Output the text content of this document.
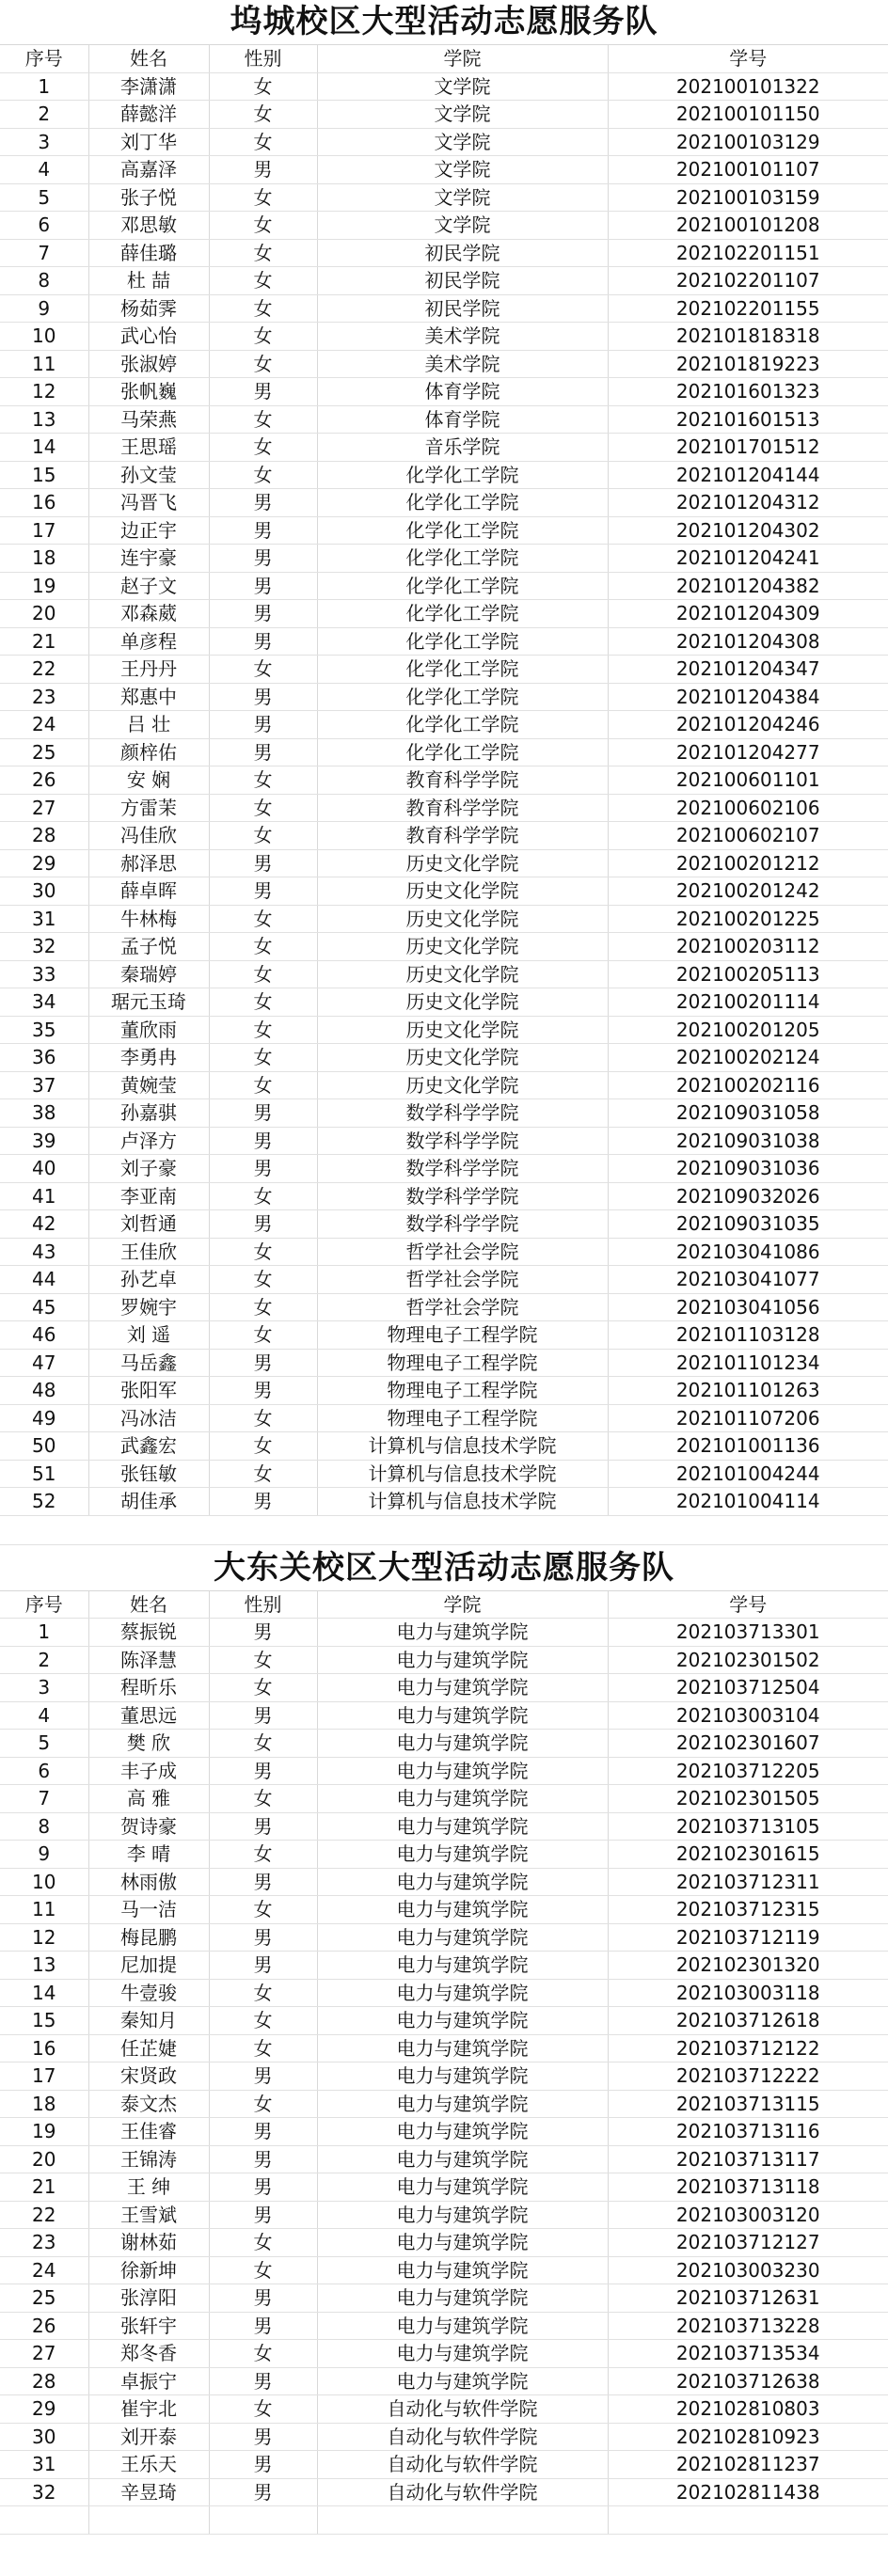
坞城校区大型活动志愿服务队
序号	姓名	性别	学院	学号
1	李潇潇	女	文学院	202100101322
2	薛懿洋	女	文学院	202100101150
3	刘丁华	女	文学院	202100103129
4	高嘉泽	男	文学院	202100101107
5	张子悦	女	文学院	202100103159
6	邓思敏	女	文学院	202100101208
7	薛佳璐	女	初民学院	202102201151
8	杜 喆	女	初民学院	202102201107
9	杨茹霁	女	初民学院	202102201155
10	武心怡	女	美术学院	202101818318
11	张淑婷	女	美术学院	202101819223
12	张帆巍	男	体育学院	202101601323
13	马荣燕	女	体育学院	202101601513
14	王思瑶	女	音乐学院	202101701512
15	孙文莹	女	化学化工学院	202101204144
16	冯晋飞	男	化学化工学院	202101204312
17	边正宇	男	化学化工学院	202101204302
18	连宇豪	男	化学化工学院	202101204241
19	赵子文	男	化学化工学院	202101204382
20	邓森葳	男	化学化工学院	202101204309
21	单彦程	男	化学化工学院	202101204308
22	王丹丹	女	化学化工学院	202101204347
23	郑惠中	男	化学化工学院	202101204384
24	吕 壮	男	化学化工学院	202101204246
25	颜梓佑	男	化学化工学院	202101204277
26	安 娴	女	教育科学学院	202100601101
27	方雷茉	女	教育科学学院	202100602106
28	冯佳欣	女	教育科学学院	202100602107
29	郝泽思	男	历史文化学院	202100201212
30	薛卓晖	男	历史文化学院	202100201242
31	牛林梅	女	历史文化学院	202100201225
32	孟子悦	女	历史文化学院	202100203112
33	秦瑞婷	女	历史文化学院	202100205113
34	琚元玉琦	女	历史文化学院	202100201114
35	董欣雨	女	历史文化学院	202100201205
36	李勇冉	女	历史文化学院	202100202124
37	黄婉莹	女	历史文化学院	202100202116
38	孙嘉骐	男	数学科学学院	202109031058
39	卢泽方	男	数学科学学院	202109031038
40	刘子豪	男	数学科学学院	202109031036
41	李亚南	女	数学科学学院	202109032026
42	刘哲通	男	数学科学学院	202109031035
43	王佳欣	女	哲学社会学院	202103041086
44	孙艺卓	女	哲学社会学院	202103041077
45	罗婉宇	女	哲学社会学院	202103041056
46	刘 遥	女	物理电子工程学院	202101103128
47	马岳鑫	男	物理电子工程学院	202101101234
48	张阳军	男	物理电子工程学院	202101101263
49	冯冰洁	女	物理电子工程学院	202101107206
50	武鑫宏	女	计算机与信息技术学院	202101001136
51	张钰敏	女	计算机与信息技术学院	202101004244
52	胡佳承	男	计算机与信息技术学院	202101004114
大东关校区大型活动志愿服务队
序号	姓名	性别	学院	学号
1	蔡振锐	男	电力与建筑学院	202103713301
2	陈泽慧	女	电力与建筑学院	202102301502
3	程昕乐	女	电力与建筑学院	202103712504
4	董思远	男	电力与建筑学院	202103003104
5	樊 欣	女	电力与建筑学院	202102301607
6	丰子成	男	电力与建筑学院	202103712205
7	高 雅	女	电力与建筑学院	202102301505
8	贺诗豪	男	电力与建筑学院	202103713105
9	李 晴	女	电力与建筑学院	202102301615
10	林雨傲	男	电力与建筑学院	202103712311
11	马一洁	女	电力与建筑学院	202103712315
12	梅昆鹏	男	电力与建筑学院	202103712119
13	尼加提	男	电力与建筑学院	202102301320
14	牛壹骏	女	电力与建筑学院	202103003118
15	秦知月	女	电力与建筑学院	202103712618
16	任芷婕	女	电力与建筑学院	202103712122
17	宋贤政	男	电力与建筑学院	202103712222
18	泰文杰	女	电力与建筑学院	202103713115
19	王佳睿	男	电力与建筑学院	202103713116
20	王锦涛	男	电力与建筑学院	202103713117
21	王 绅	男	电力与建筑学院	202103713118
22	王雪斌	男	电力与建筑学院	202103003120
23	谢林茹	女	电力与建筑学院	202103712127
24	徐新坤	女	电力与建筑学院	202103003230
25	张淳阳	男	电力与建筑学院	202103712631
26	张轩宇	男	电力与建筑学院	202103713228
27	郑冬香	女	电力与建筑学院	202103713534
28	卓振宁	男	电力与建筑学院	202103712638
29	崔宇北	女	自动化与软件学院	202102810803
30	刘开泰	男	自动化与软件学院	202102810923
31	王乐天	男	自动化与软件学院	202102811237
32	辛昱琦	男	自动化与软件学院	202102811438
